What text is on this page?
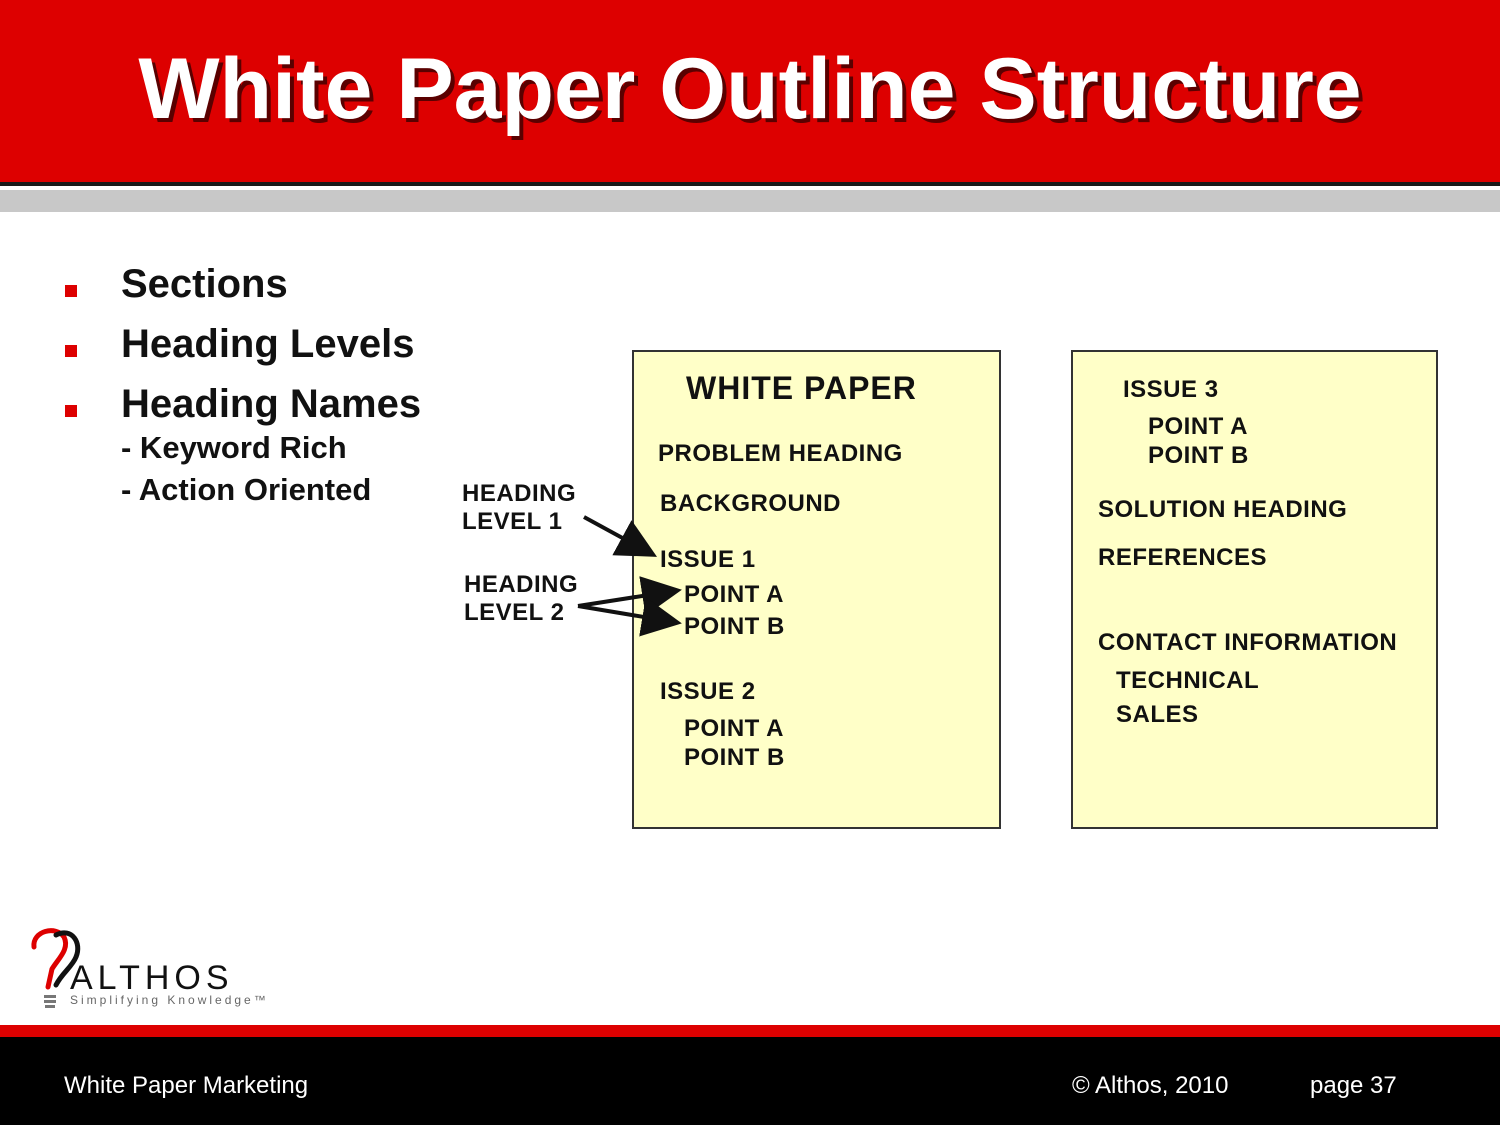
White Paper Outline Structure
Sections
Heading Levels
Heading Names
- Keyword Rich
- Action Oriented	HEADING
LEVEL 1
HEADING
LEVEL 2
WHITE PAPER
PROBLEM HEADING
BACKGROUND
ISSUE 1
POINT A
POINT B
ISSUE 2
POINT A
POINT B
ISSUE 3
POINT A
POINT B
SOLUTION HEADING
REFERENCES
CONTACT INFORMATION
TECHNICAL
SALES
ALTHOS
Simplifying Knowledge™
White Paper Marketing	© Althos, 2010	page 37
